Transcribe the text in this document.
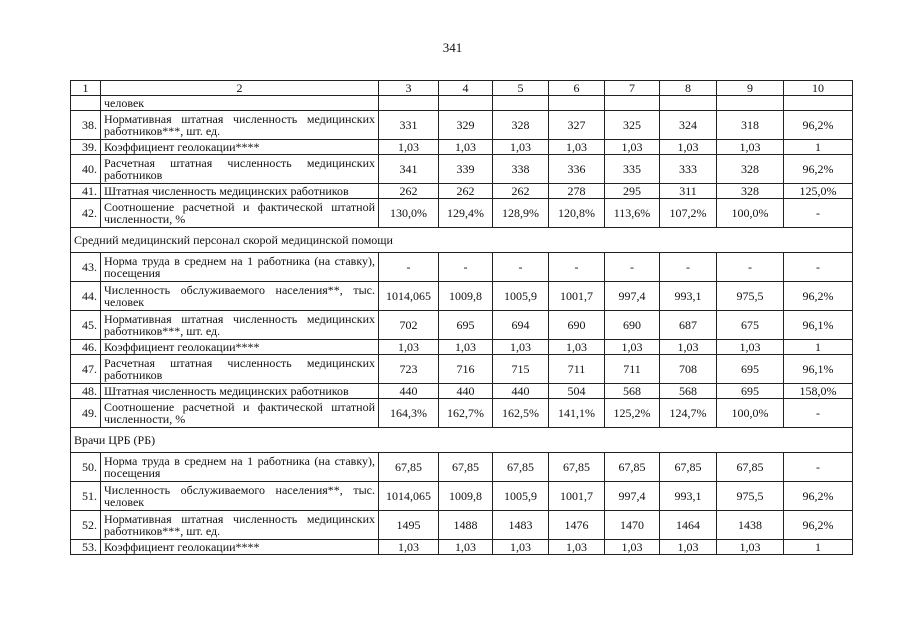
341
1	2	3	4	5	6	7	8	9	10
	человек								
38.	Нормативная штатная численность медицинских работников***, шт. ед.	331	329	328	327	325	324	318	96,2%
39.	Коэффициент геолокации****	1,03	1,03	1,03	1,03	1,03	1,03	1,03	1
40.	Расчетная штатная численность медицинских работников	341	339	338	336	335	333	328	96,2%
41.	Штатная численность медицинских работников	262	262	262	278	295	311	328	125,0%
42.	Соотношение расчетной и фактической штатной численности, %	130,0%	129,4%	128,9%	120,8%	113,6%	107,2%	100,0%	-
Средний медицинский персонал скорой медицинской помощи									
43.	Норма труда в среднем на 1 работника (на ставку), посещения	-	-	-	-	-	-	-	-
44.	Численность обслуживаемого населения**, тыс. человек	1014,065	1009,8	1005,9	1001,7	997,4	993,1	975,5	96,2%
45.	Нормативная штатная численность медицинских работников***, шт. ед.	702	695	694	690	690	687	675	96,1%
46.	Коэффициент геолокации****	1,03	1,03	1,03	1,03	1,03	1,03	1,03	1
47.	Расчетная штатная численность медицинских работников	723	716	715	711	711	708	695	96,1%
48.	Штатная численность медицинских работников	440	440	440	504	568	568	695	158,0%
49.	Соотношение расчетной и фактической штатной численности, %	164,3%	162,7%	162,5%	141,1%	125,2%	124,7%	100,0%	-
Врачи ЦРБ (РБ)									
50.	Норма труда в среднем на 1 работника (на ставку), посещения	67,85	67,85	67,85	67,85	67,85	67,85	67,85	-
51.	Численность обслуживаемого населения**, тыс. человек	1014,065	1009,8	1005,9	1001,7	997,4	993,1	975,5	96,2%
52.	Нормативная штатная численность медицинских работников***, шт. ед.	1495	1488	1483	1476	1470	1464	1438	96,2%
53.	Коэффициент геолокации****	1,03	1,03	1,03	1,03	1,03	1,03	1,03	1
